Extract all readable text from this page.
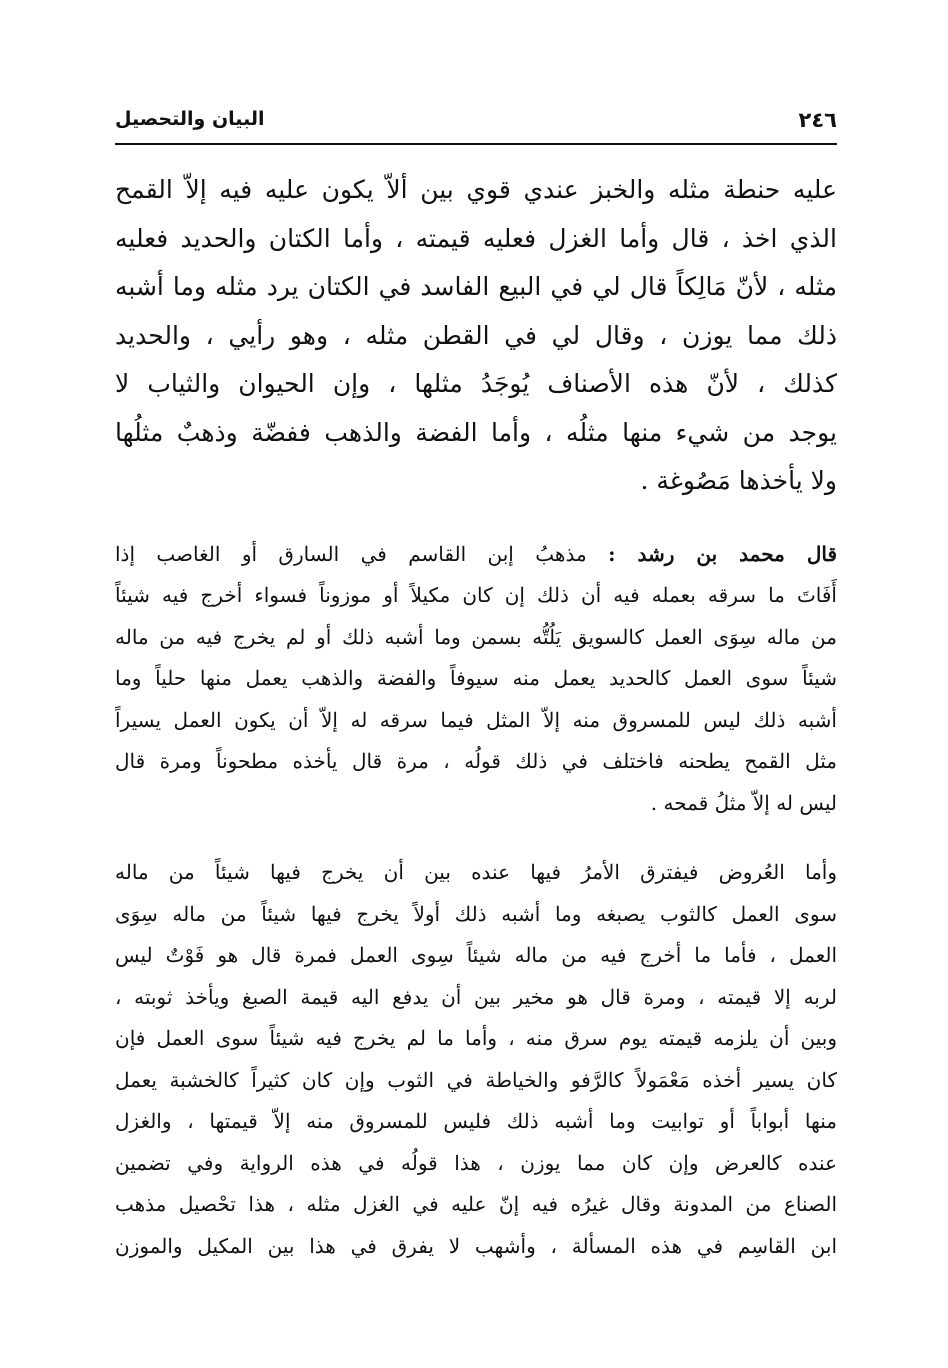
٢٤٦
البيان والتحصيل
عليه حنطة مثله والخبز عندي قوي بين ألاّ يكون عليه فيه إلاّ القمح
الذي اخذ ، قال وأما الغزل فعليه قيمته ، وأما الكتان والحديد فعليه
مثله ، لأنّ مَالِكاً قال لي في البيع الفاسد في الكتان يرد مثله وما أشبه
ذلك مما يوزن ، وقال لي في القطن مثله ، وهو رأيي ، والحديد
كذلك ، لأنّ هذه الأصناف يُوجَدُ مثلها ، وإن الحيوان والثياب لا
يوجد من شيء منها مثلُه ، وأما الفضة والذهب ففضّة وذهبٌ مثلُها
ولا يأخذها مَصُوغة .
قال محمد بن رشد : مذهبُ إبن القاسم في السارق أو الغاصب إذا
أَفَاتَ ما سرقه بعمله فيه أن ذلك إن كان مكيلاً أو موزوناً فسواء أخرج فيه شيئاً
من ماله سِوَى العمل كالسويق يَلُتُّه بسمن وما أشبه ذلك أو لم يخرج فيه من ماله
شيئاً سوى العمل كالحديد يعمل منه سيوفاً والفضة والذهب يعمل منها حلياً وما
أشبه ذلك ليس للمسروق منه إلاّ المثل فيما سرقه له إلاّ أن يكون العمل يسيراً
مثل القمح يطحنه فاختلف في ذلك قولُه ، مرة قال يأخذه مطحوناً ومرة قال
ليس له إلاّ مثلُ قمحه .
وأما العُروض فيفترق الأمرُ فيها عنده بين أن يخرج فيها شيئاً من ماله
سوى العمل كالثوب يصبغه وما أشبه ذلك أولاً يخرج فيها شيئاً من ماله سِوَى
العمل ، فأما ما أخرج فيه من ماله شيئاً سِوى العمل فمرة قال هو فَوْتٌ ليس
لربه إلا قيمته ، ومرة قال هو مخير بين أن يدفع اليه قيمة الصبغ ويأخذ ثوبته ،
وبين أن يلزمه قيمته يوم سرق منه ، وأما ما لم يخرج فيه شيئاً سوى العمل فإن
كان يسير أخذه مَعْمَولاً كالرَّفو والخياطة في الثوب وإن كان كثيراً كالخشبة يعمل
منها أبواباً أو توابيت وما أشبه ذلك فليس للمسروق منه إلاّ قيمتها ، والغزل
عنده كالعرض وإن كان مما يوزن ، هذا قولُه في هذه الرواية وفي تضمين
الصناع من المدونة وقال غيرُه فيه إنّ عليه في الغزل مثله ، هذا تحْصيل مذهب
ابن القاسِم في هذه المسألة ، وأشهب لا يفرق في هذا بين المكيل والموزن
